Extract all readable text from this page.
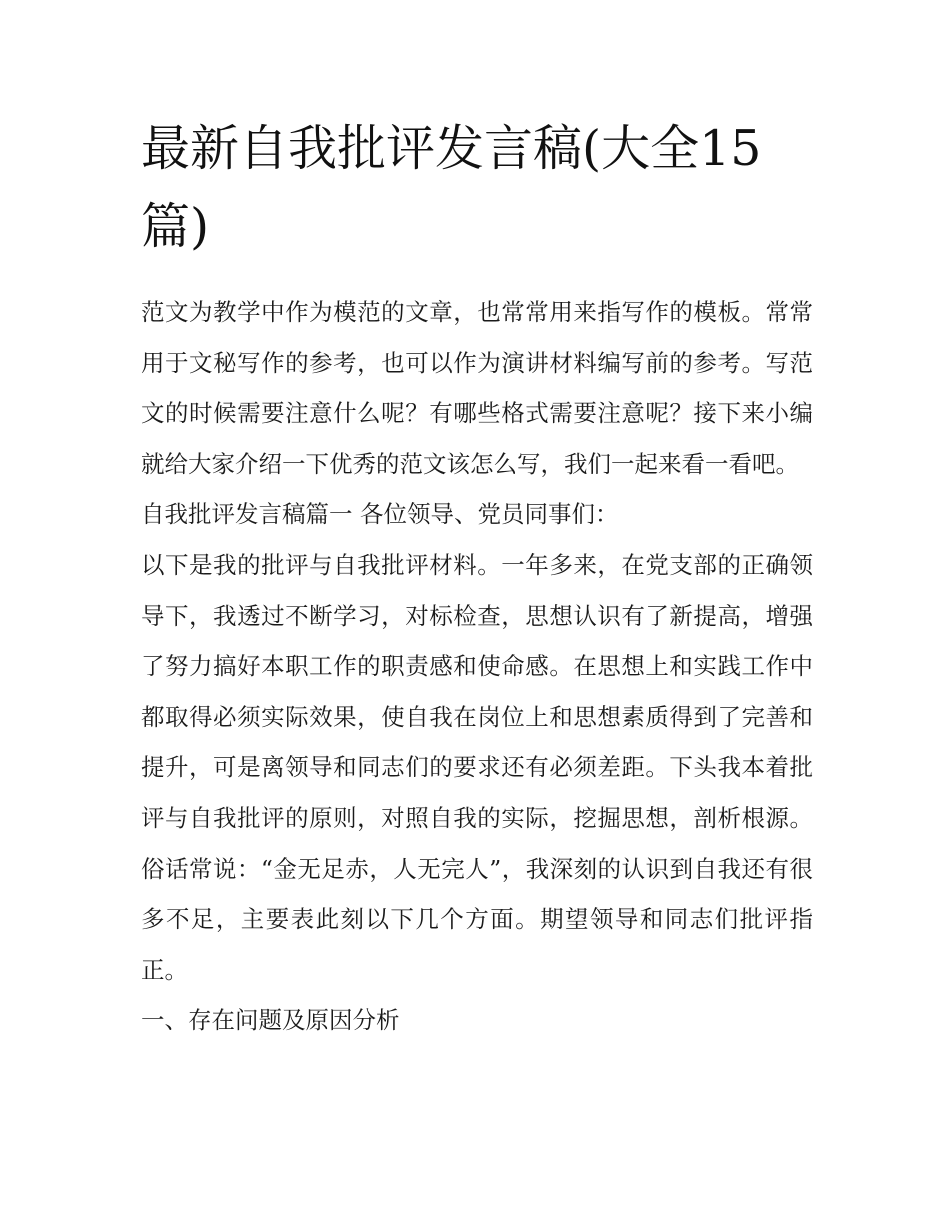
最新自我批评发言稿(大全15篇)

范文为教学中作为模范的文章，也常常用来指写作的模板。常常用于文秘写作的参考，也可以作为演讲材料编写前的参考。写范文的时候需要注意什么呢？有哪些格式需要注意呢？接下来小编就给大家介绍一下优秀的范文该怎么写，我们一起来看一看吧。

自我批评发言稿篇一 各位领导、党员同事们：

以下是我的批评与自我批评材料。一年多来，在党支部的正确领导下，我透过不断学习，对标检查，思想认识有了新提高，增强了努力搞好本职工作的职责感和使命感。在思想上和实践工作中都取得必须实际效果，使自我在岗位上和思想素质得到了完善和提升，可是离领导和同志们的要求还有必须差距。下头我本着批评与自我批评的原则，对照自我的实际，挖掘思想，剖析根源。俗话常说：“金无足赤，人无完人”，我深刻的认识到自我还有很多不足，主要表此刻以下几个方面。期望领导和同志们批评指正。

一、存在问题及原因分析
